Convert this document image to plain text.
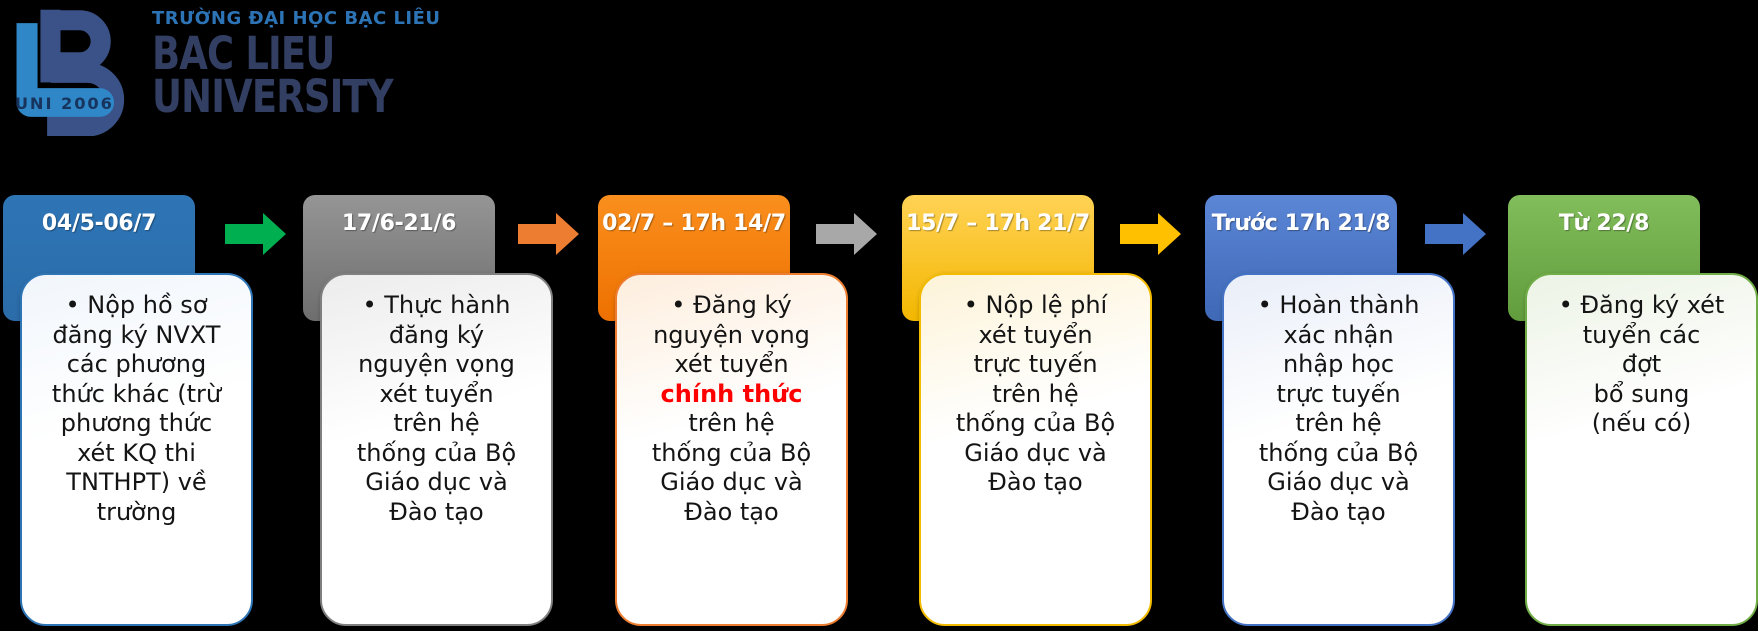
UNI 2006
TRƯỜNG ĐẠI HỌC BẠC LIÊU
BAC LIEU
UNIVERSITY
04/5-06/7
• Nộp hồ sơ
đăng ký NVXT
các phương
thức khác (trừ
phương thức
xét KQ thi
TNTHPT) về
trường
17/6-21/6
• Thực hành
đăng ký
nguyện vọng
xét tuyển
trên hệ
thống của Bộ
Giáo dục và
Đào tạo
02/7 – 17h 14/7
• Đăng ký
nguyện vọng
xét tuyển
chính thức
trên hệ
thống của Bộ
Giáo dục và
Đào tạo
15/7 – 17h 21/7
• Nộp lệ phí
xét tuyển
trực tuyến
trên hệ
thống của Bộ
Giáo dục và
Đào tạo
Trước 17h 21/8
• Hoàn thành
xác nhận
nhập học
trực tuyến
trên hệ
thống của Bộ
Giáo dục và
Đào tạo
Từ 22/8
• Đăng ký xét
tuyển các
đợt
bổ sung
(nếu có)
